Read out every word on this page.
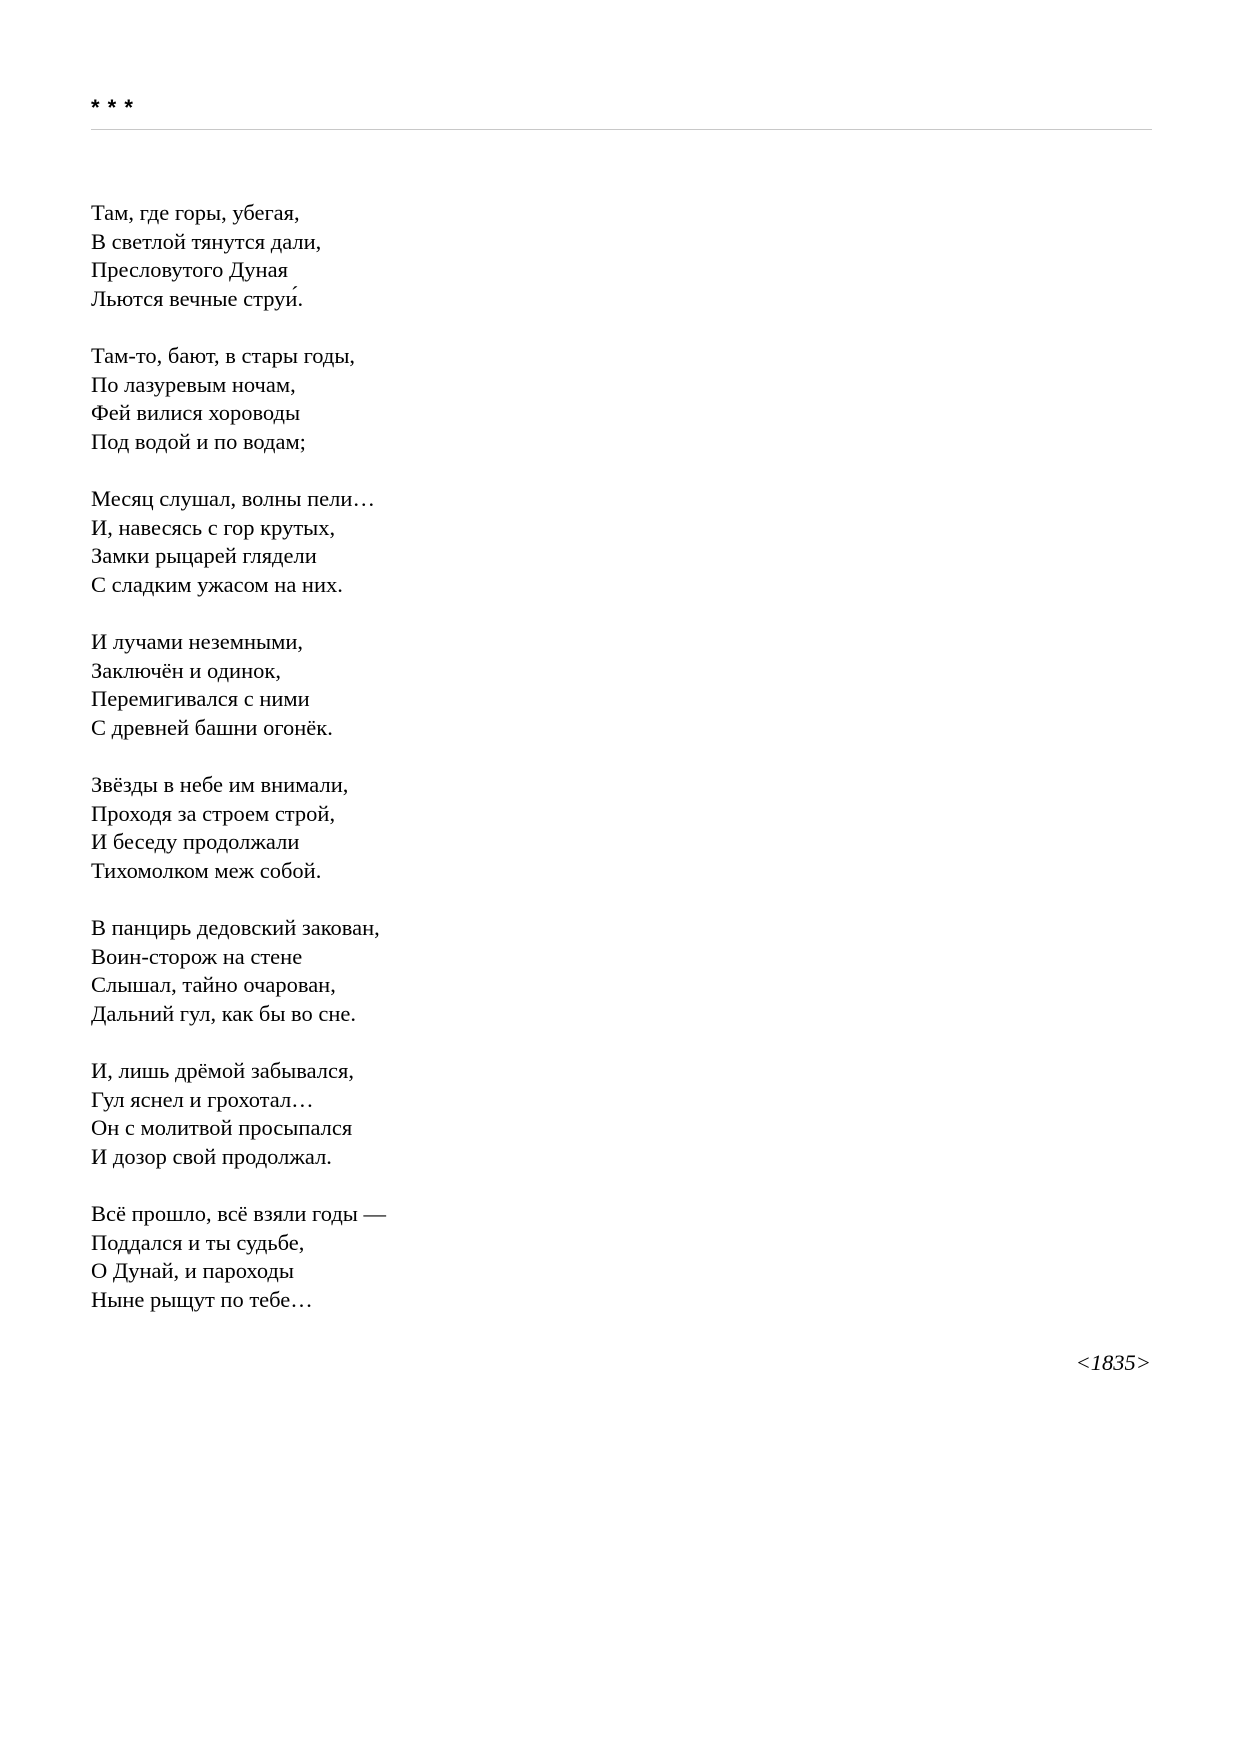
* * *
Там, где горы, убегая,
В светлой тянутся дали,
Пресловутого Дуная
Льются вечные струи́.
Там-то, бают, в стары годы,
По лазуревым ночам,
Фей вилися хороводы
Под водой и по водам;
Месяц слушал, волны пели…
И, навесясь с гор крутых,
Замки рыцарей глядели
С сладким ужасом на них.
И лучами неземными,
Заключён и одинок,
Перемигивался с ними
С древней башни огонёк.
Звёзды в небе им внимали,
Проходя за строем строй,
И беседу продолжали
Тихомолком меж собой.
В панцирь дедовский закован,
Воин-сторож на стене
Слышал, тайно очарован,
Дальний гул, как бы во сне.
И, лишь дрёмой забывался,
Гул яснел и грохотал…
Он с молитвой просыпался
И дозор свой продолжал.
Всё прошло, всё взяли годы —
Поддался и ты судьбе,
О Дунай, и пароходы
Ныне рыщут по тебе…
<1835>
